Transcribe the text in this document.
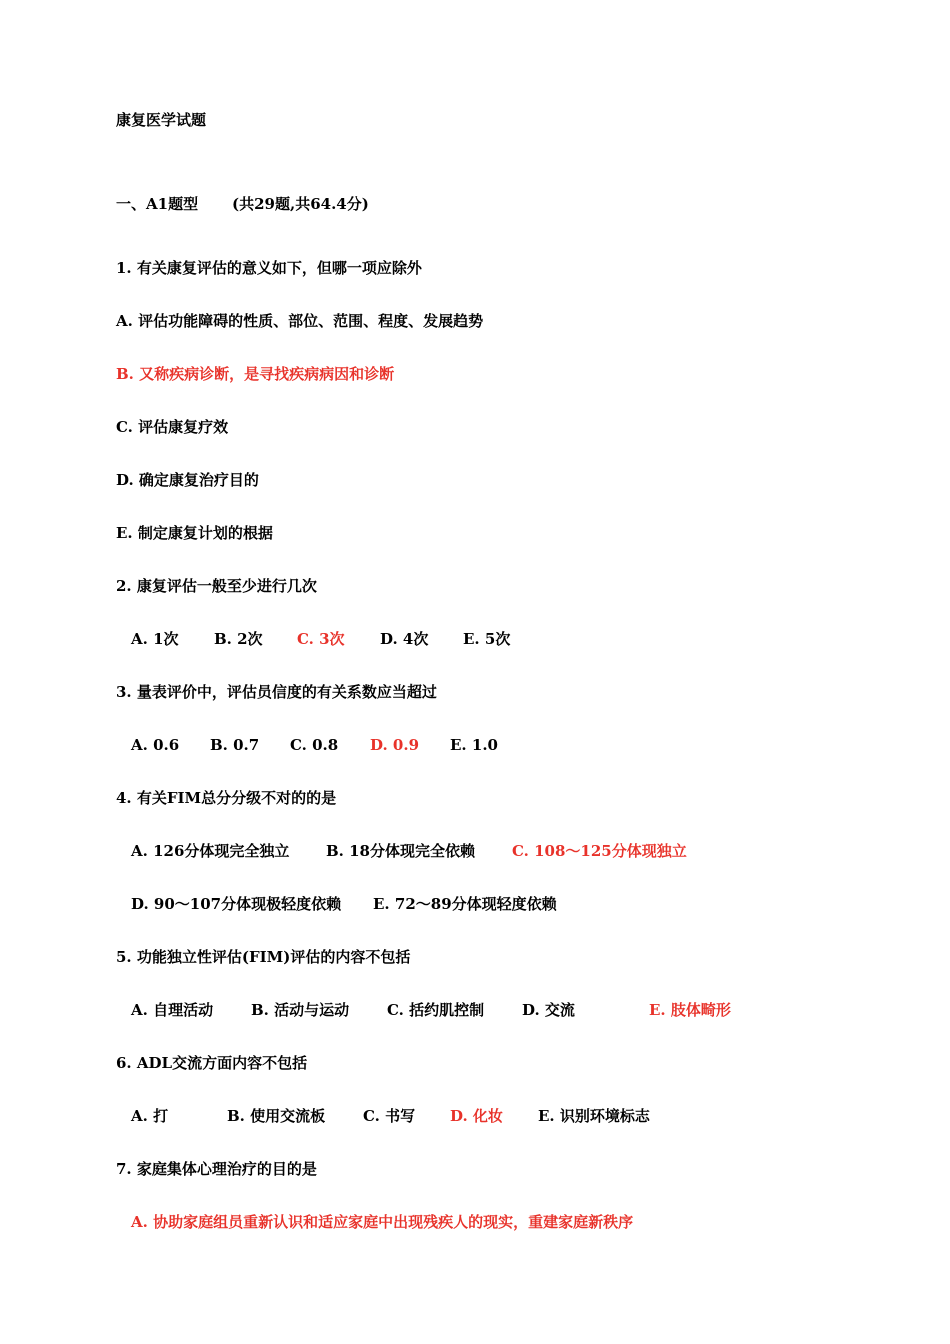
康复医学试题
一、A1题型 (共29题,共64.4分)
1. 有关康复评估的意义如下，但哪一项应除外
A. 评估功能障碍的性质、部位、范围、程度、发展趋势
B. 又称疾病诊断，是寻找疾病病因和诊断
C. 评估康复疗效
D. 确定康复治疗目的
E. 制定康复计划的根据
2. 康复评估一般至少进行几次
A. 1次 B. 2次 C. 3次 D. 4次 E. 5次
3. 量表评价中，评估员信度的有关系数应当超过
A. 0.6 B. 0.7 C. 0.8 D. 0.9 E. 1.0
4. 有关FIM总分分级不对的的是
A. 126分体现完全独立 B. 18分体现完全依赖 C. 108～125分体现独立
D. 90～107分体现极轻度依赖 E. 72～89分体现轻度依赖
5. 功能独立性评估(FIM)评估的内容不包括
A. 自理活动	B. 活动与运动	C. 括约肌控制	D. 交流	E. 肢体畸形
6. ADL交流方面内容不包括
A. 打	B. 使用交流板	C. 书写 D. 化妆 E. 识别环境标志
7. 家庭集体心理治疗的目的是
A. 协助家庭组员重新认识和适应家庭中出现残疾人的现实，重建家庭新秩序
